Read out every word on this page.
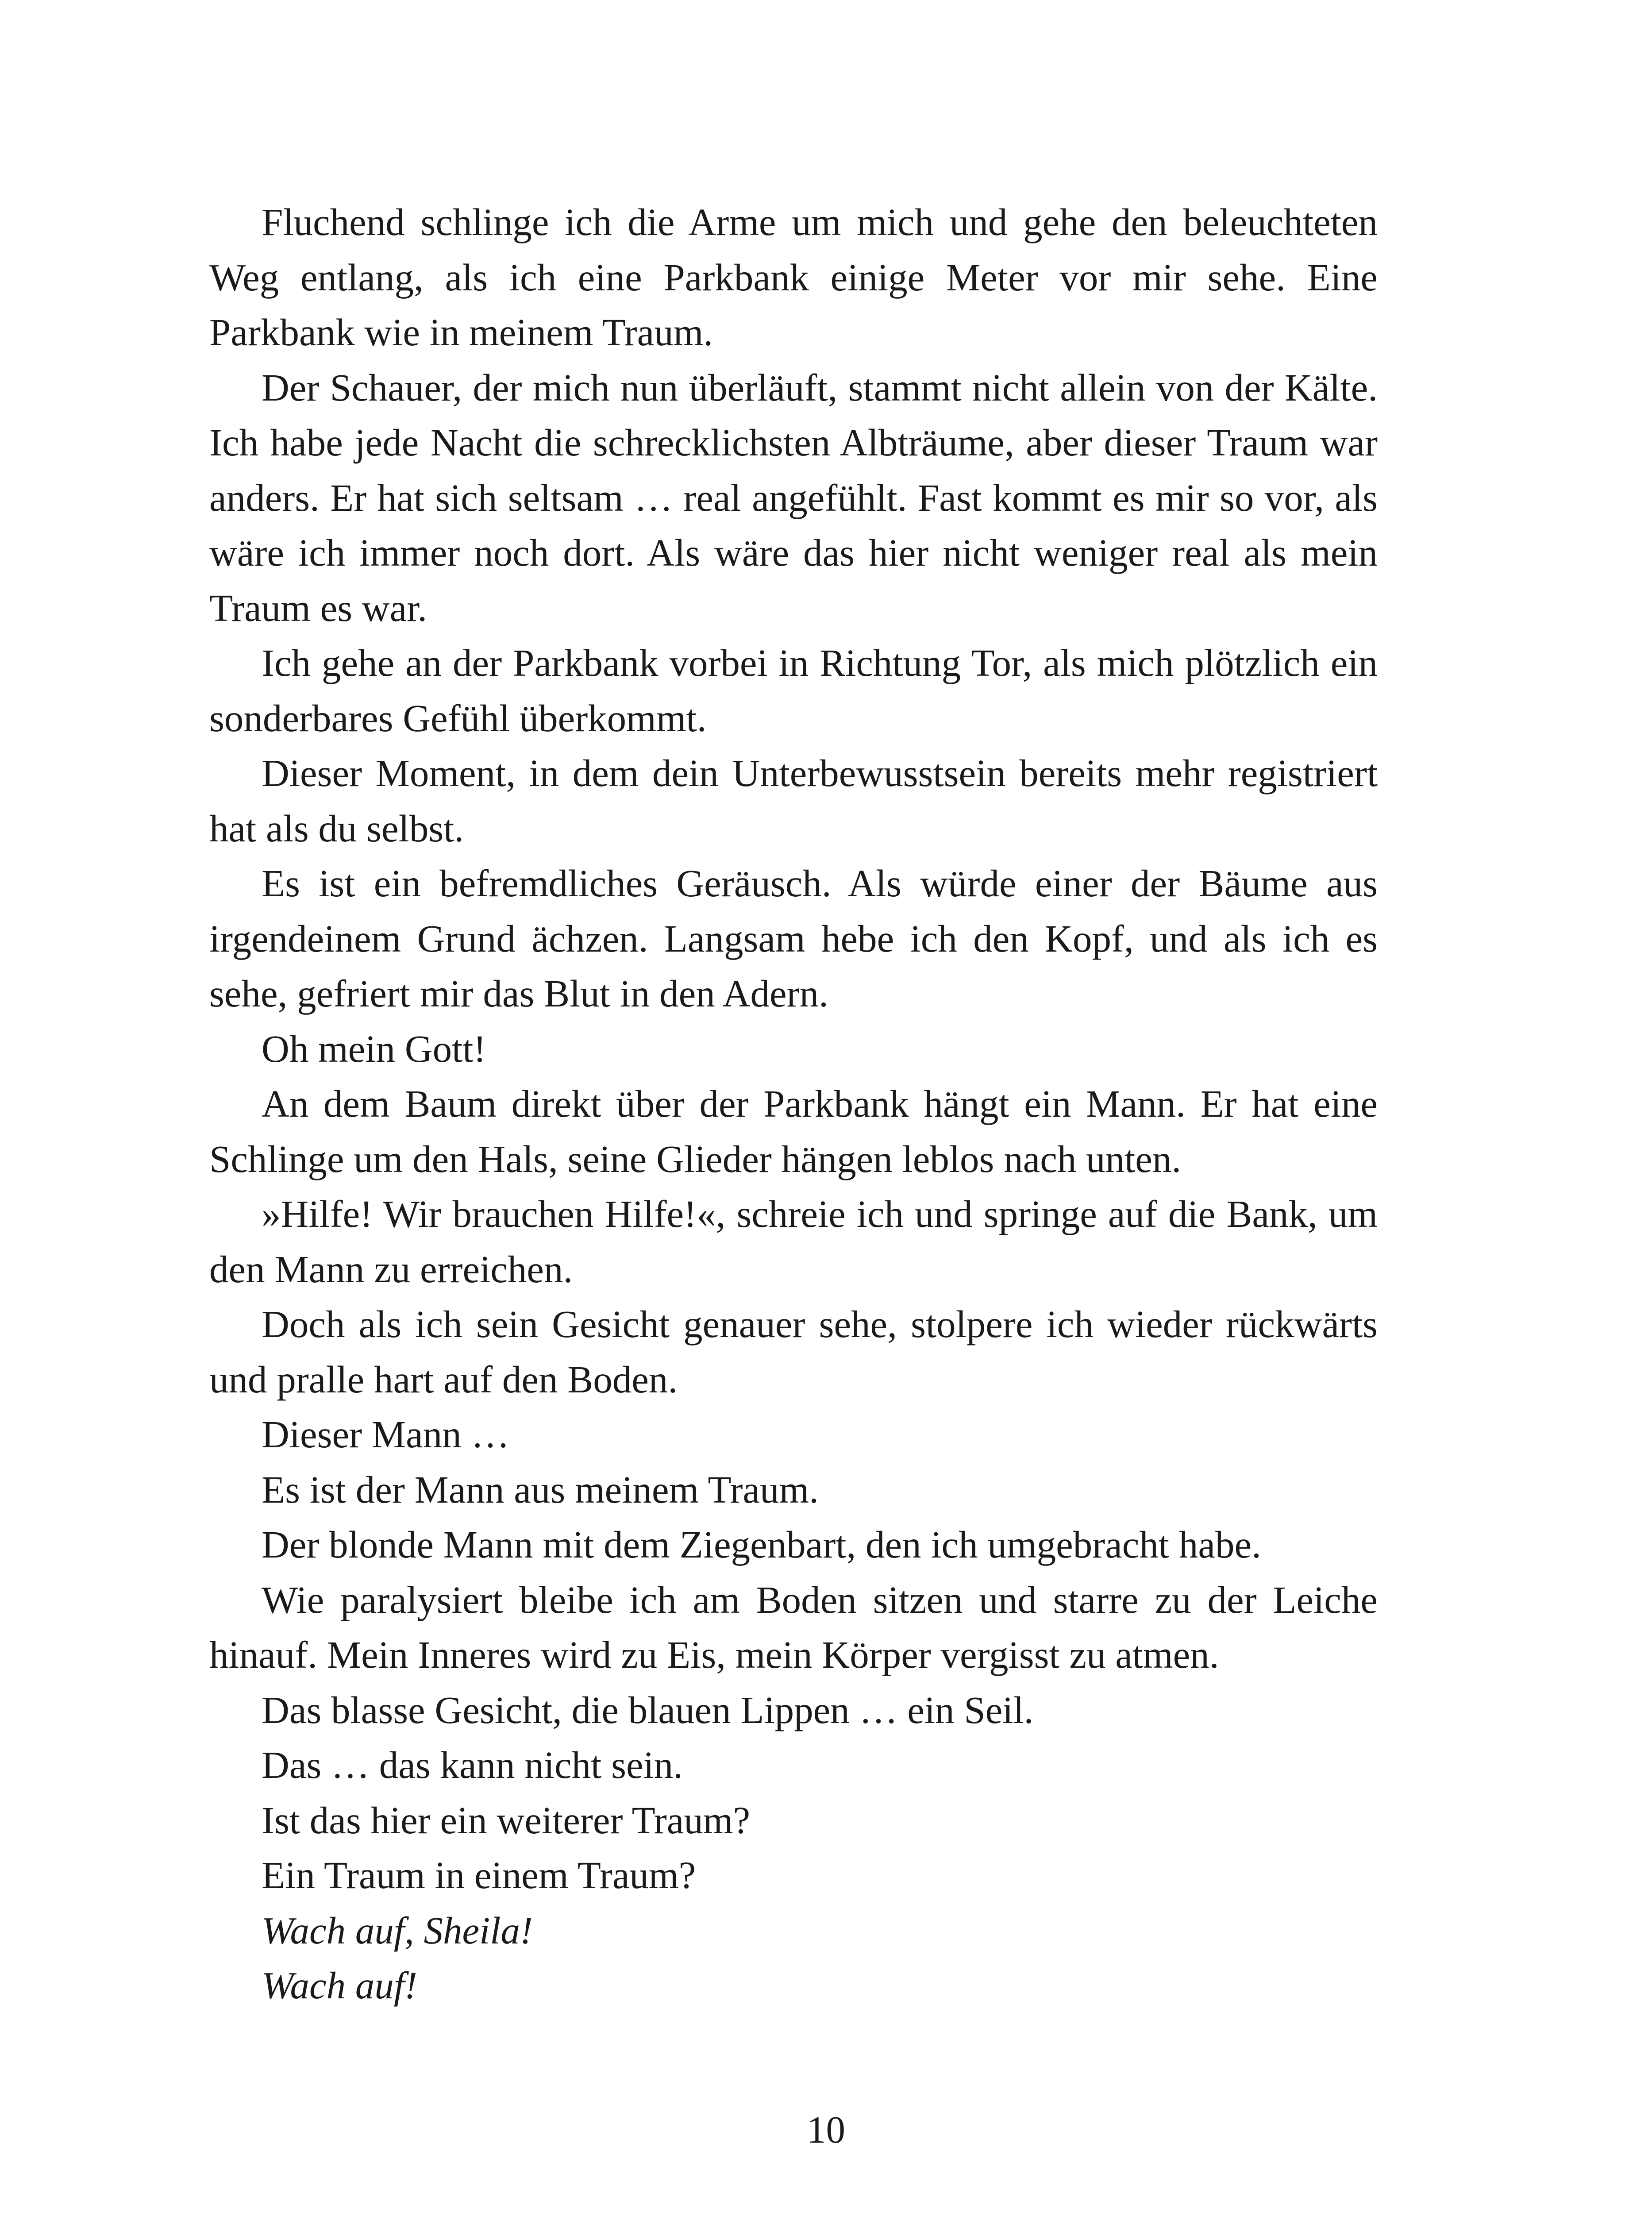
Fluchend schlinge ich die Arme um mich und gehe den beleuchteten Weg entlang, als ich eine Parkbank einige Meter vor mir sehe. Eine Parkbank wie in meinem Traum.

Der Schauer, der mich nun überläuft, stammt nicht allein von der Kälte. Ich habe jede Nacht die schrecklichsten Albträume, aber dieser Traum war anders. Er hat sich seltsam … real angefühlt. Fast kommt es mir so vor, als wäre ich immer noch dort. Als wäre das hier nicht weniger real als mein Traum es war.

Ich gehe an der Parkbank vorbei in Richtung Tor, als mich plötzlich ein sonderbares Gefühl überkommt.

Dieser Moment, in dem dein Unterbewusstsein bereits mehr registriert hat als du selbst.

Es ist ein befremdliches Geräusch. Als würde einer der Bäume aus irgendeinem Grund ächzen. Langsam hebe ich den Kopf, und als ich es sehe, gefriert mir das Blut in den Adern.

Oh mein Gott!

An dem Baum direkt über der Parkbank hängt ein Mann. Er hat eine Schlinge um den Hals, seine Glieder hängen leblos nach unten.

»Hilfe! Wir brauchen Hilfe!«, schreie ich und springe auf die Bank, um den Mann zu erreichen.

Doch als ich sein Gesicht genauer sehe, stolpere ich wieder rückwärts und pralle hart auf den Boden.

Dieser Mann …

Es ist der Mann aus meinem Traum.

Der blonde Mann mit dem Ziegenbart, den ich umgebracht habe.

Wie paralysiert bleibe ich am Boden sitzen und starre zu der Leiche hinauf. Mein Inneres wird zu Eis, mein Körper vergisst zu atmen.

Das blasse Gesicht, die blauen Lippen … ein Seil.

Das … das kann nicht sein.

Ist das hier ein weiterer Traum?

Ein Traum in einem Traum?

Wach auf, Sheila!

Wach auf!

10
